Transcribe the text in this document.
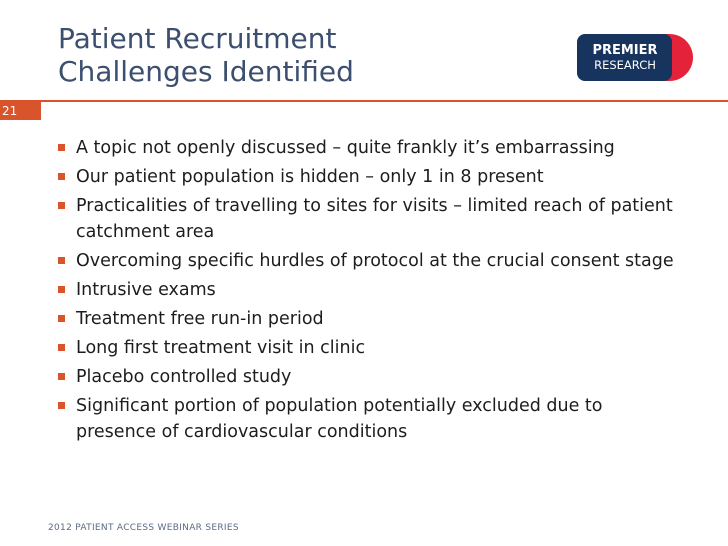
Patient Recruitment
Challenges Identified
PREMIER
RESEARCH
21
A topic not openly discussed – quite frankly it’s embarrassing
Our patient population is hidden – only 1 in 8 present
Practicalities of travelling to sites for visits – limited reach of patient catchment area
Overcoming specific hurdles of protocol at the crucial consent stage
Intrusive exams
Treatment free run-in period
Long first treatment visit in clinic
Placebo controlled study
Significant portion of population potentially excluded due to presence of cardiovascular conditions
2012 PATIENT ACCESS WEBINAR SERIES
